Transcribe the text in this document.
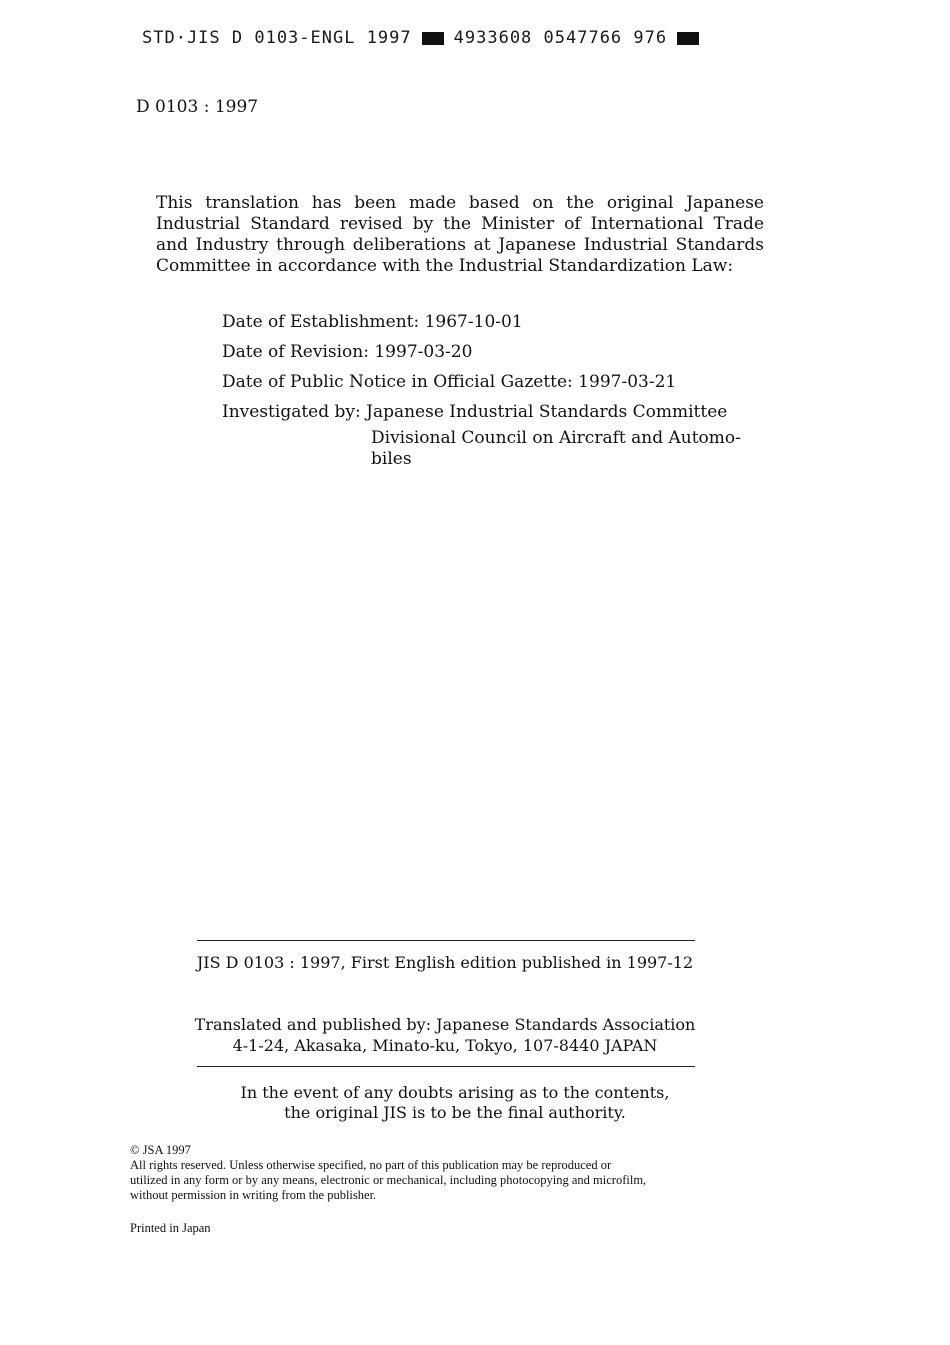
STD·JIS D 0103-ENGL 1997 4933608 0547766 976
D 0103 : 1997
This translation has been made based on the original Japanese Industrial Standard revised by the Minister of International Trade and Industry through deliberations at Japanese Industrial Standards Committee in accordance with the Industrial Standardization Law:
Date of Establishment: 1967-10-01
Date of Revision: 1997-03-20
Date of Public Notice in Official Gazette: 1997-03-21
Investigated by: Japanese Industrial Standards Committee
Divisional Council on Aircraft and Automo-
biles
JIS D 0103 : 1997, First English edition published in 1997-12
Translated and published by: Japanese Standards Association
4-1-24, Akasaka, Minato-ku, Tokyo, 107-8440 JAPAN
In the event of any doubts arising as to the contents,
the original JIS is to be the final authority.
© JSA 1997
All rights reserved. Unless otherwise specified, no part of this publication may be reproduced or
utilized in any form or by any means, electronic or mechanical, including photocopying and microfilm,
without permission in writing from the publisher.
Printed in Japan
